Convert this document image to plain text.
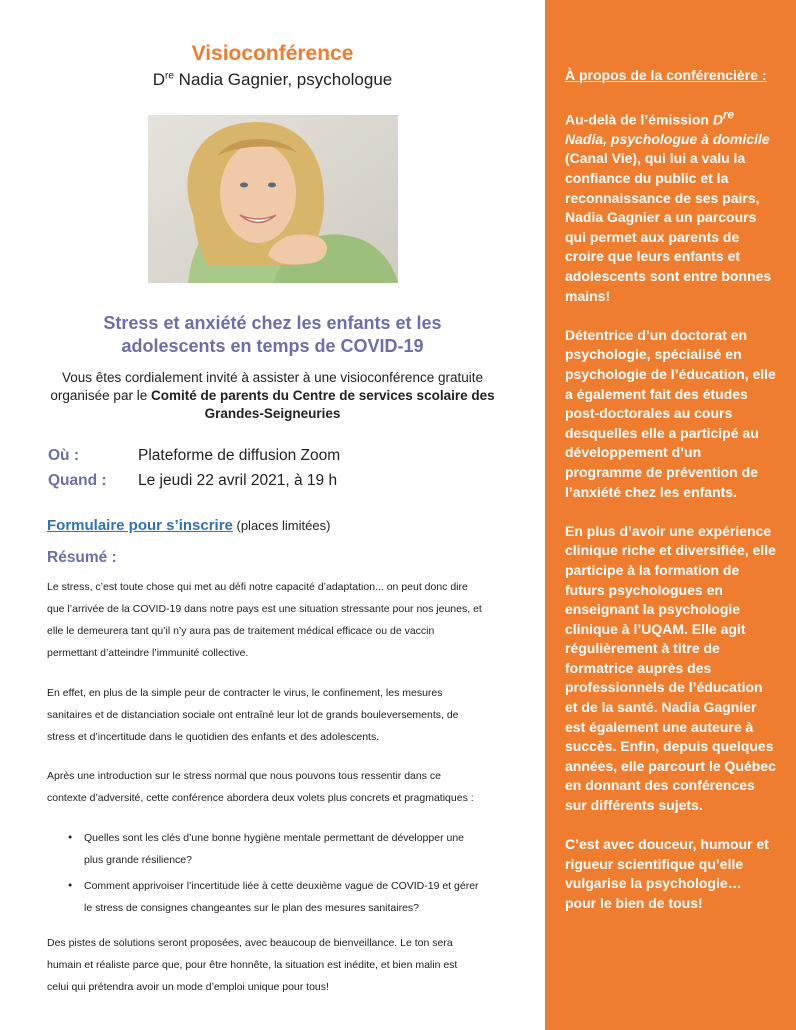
Visioconférence
Dre Nadia Gagnier, psychologue
Stress et anxiété chez les enfants et les
adolescents en temps de COVID-19
Vous êtes cordialement invité à assister à une visioconférence gratuite
organisée par le Comité de parents du Centre de services scolaire des
Grandes-Seigneuries
Où :	Plateforme de diffusion Zoom
Quand : Le jeudi 22 avril 2021, à 19 h
Formulaire pour s’inscrire (places limitées)
Résumé :

Le stress, c’est toute chose qui met au défi notre capacité d’adaptation... on peut donc dire

que l’arrivée de la COVID-19 dans notre pays est une situation stressante pour nos jeunes, et

elle le demeurera tant qu’il n’y aura pas de traitement médical efficace ou de vaccin

permettant d’atteindre l’immunité collective.

En effet, en plus de la simple peur de contracter le virus, le confinement, les mesures

sanitaires et de distanciation sociale ont entraîné leur lot de grands bouleversements, de

stress et d’incertitude dans le quotidien des enfants et des adolescents.

Après une introduction sur le stress normal que nous pouvons tous ressentir dans ce

contexte d’adversité, cette conférence abordera deux volets plus concrets et pragmatiques :

● Quelles sont les clés d’une bonne hygiène mentale permettant de développer une
plus grande résilience?
● Comment apprivoiser l’incertitude liée à cette deuxième vague de COVID-19 et gérer
le stress de consignes changeantes sur le plan des mesures sanitaires?

Des pistes de solutions seront proposées, avec beaucoup de bienveillance. Le ton sera

humain et réaliste parce que, pour être honnête, la situation est inédite, et bien malin est

celui qui prétendra avoir un mode d’emploi unique pour tous!

À propos de la conférencière :

Au-delà de l’émission Dre Nadia, psychologue à domicile (Canal Vie), qui lui a valu la confiance du public et la reconnaissance de ses pairs, Nadia Gagnier a un parcours qui permet aux parents de croire que leurs enfants et adolescents sont entre bonnes mains!

Détentrice d’un doctorat en psychologie, spécialisé en psychologie de l’éducation, elle a également fait des études post-doctorales au cours desquelles elle a participé au développement d’un programme de prévention de l’anxiété chez les enfants.

En plus d’avoir une expérience clinique riche et diversifiée, elle participe à la formation de futurs psychologues en enseignant la psychologie clinique à l’UQAM. Elle agit régulièrement à titre de formatrice auprès des professionnels de l’éducation et de la santé. Nadia Gagnier est également une auteure à succès. Enfin, depuis quelques années, elle parcourt le Québec en donnant des conférences sur différents sujets.

C’est avec douceur, humour et rigueur scientifique qu’elle vulgarise la psychologie… pour le bien de tous!
